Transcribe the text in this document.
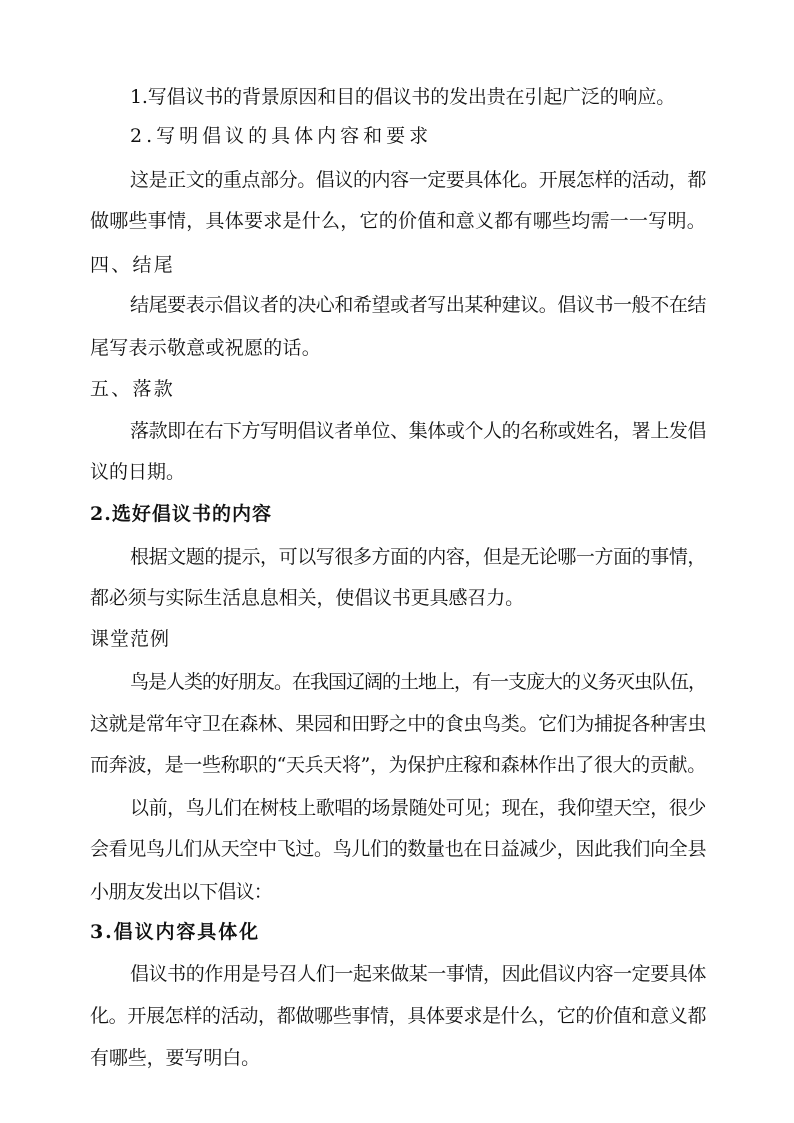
1.写倡议书的背景原因和目的倡议书的发出贵在引起广泛的响应。
2.写明倡议的具体内容和要求
这是正文的重点部分。倡议的内容一定要具体化。开展怎样的活动，都
做哪些事情，具体要求是什么，它的价值和意义都有哪些均需一一写明。
四、结尾
结尾要表示倡议者的决心和希望或者写出某种建议。倡议书一般不在结
尾写表示敬意或祝愿的话。
五、落款
落款即在右下方写明倡议者单位、集体或个人的名称或姓名，署上发倡
议的日期。
2.选好倡议书的内容
根据文题的提示，可以写很多方面的内容，但是无论哪一方面的事情，
都必须与实际生活息息相关，使倡议书更具感召力。
课堂范例
鸟是人类的好朋友。在我国辽阔的土地上，有一支庞大的义务灭虫队伍，
这就是常年守卫在森林、果园和田野之中的食虫鸟类。它们为捕捉各种害虫
而奔波，是一些称职的“天兵天将”，为保护庄稼和森林作出了很大的贡献。
以前，鸟儿们在树枝上歌唱的场景随处可见；现在，我仰望天空，很少
会看见鸟儿们从天空中飞过。鸟儿们的数量也在日益减少，因此我们向全县
小朋友发出以下倡议：
3.倡议内容具体化
倡议书的作用是号召人们一起来做某一事情，因此倡议内容一定要具体
化。开展怎样的活动，都做哪些事情，具体要求是什么，它的价值和意义都
有哪些，要写明白。
